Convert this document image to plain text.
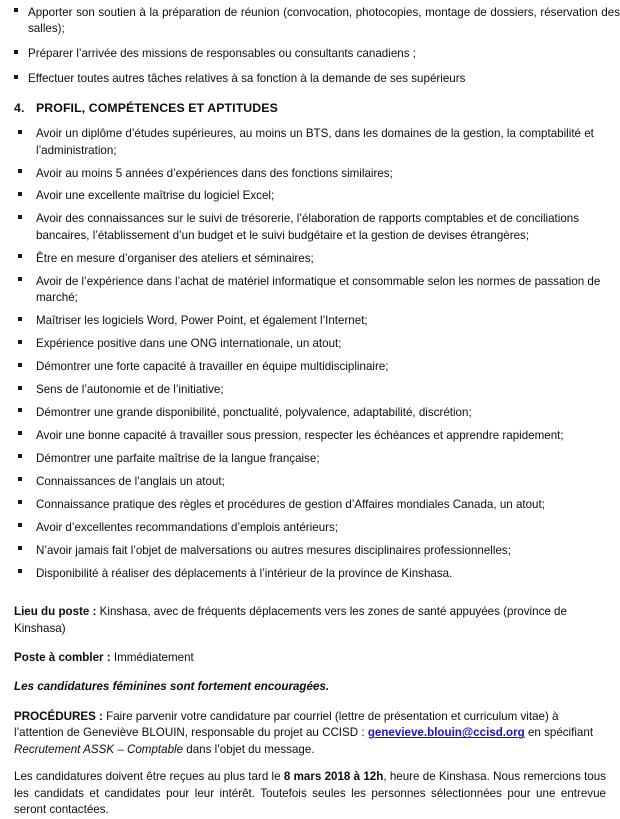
Apporter son soutien à la préparation de réunion (convocation, photocopies, montage de dossiers, réservation des salles);
Préparer l’arrivée des missions de responsables ou consultants canadiens ;
Effectuer toutes autres tâches relatives à sa fonction à la demande de ses supérieurs
4. PROFIL, COMPÉTENCES ET APTITUDES
Avoir un diplôme d’études supérieures, au moins un BTS, dans les domaines de la gestion, la comptabilité et l’administration;
Avoir au moins 5 années d’expériences dans des fonctions similaires;
Avoir une excellente maîtrise du logiciel Excel;
Avoir des connaissances sur le suivi de trésorerie, l’élaboration de rapports comptables et de conciliations bancaires, l’établissement d’un budget et le suivi budgétaire et la gestion de devises étrangères;
Être en mesure d’organiser des ateliers et séminaires;
Avoir de l’expérience dans l’achat de matériel informatique et consommable selon les normes de passation de marché;
Maîtriser les logiciels Word, Power Point, et également l’Internet;
Expérience positive dans une ONG internationale, un atout;
Démontrer une forte capacité à travailler en équipe multidisciplinaire;
Sens de l’autonomie et de l’initiative;
Démontrer une grande disponibilité, ponctualité, polyvalence, adaptabilité, discrétion;
Avoir une bonne capacité à travailler sous pression, respecter les échéances et apprendre rapidement;
Démontrer une parfaite maîtrise de la langue française;
Connaissances de l’anglais un atout;
Connaissance pratique des règles et procédures de gestion d’Affaires mondiales Canada, un atout;
Avoir d’excellentes recommandations d’emplois antérieurs;
N’avoir jamais fait l’objet de malversations ou autres mesures disciplinaires professionnelles;
Disponibilité à réaliser des déplacements à l’intérieur de la province de Kinshasa.

Lieu du poste : Kinshasa, avec de fréquents déplacements vers les zones de santé appuyées (province de Kinshasa)

Poste à combler : Immédiatement

Les candidatures féminines sont fortement encouragées.

PROCÉDURES : Faire parvenir votre candidature par courriel (lettre de présentation et curriculum vitae) à l’attention de Geneviève BLOUIN, responsable du projet au CCISD : genevieve.blouin@ccisd.org en spécifiant Recrutement ASSK – Comptable dans l’objet du message.

Les candidatures doivent être reçues au plus tard le 8 mars 2018 à 12h, heure de Kinshasa. Nous remercions tous les candidats et candidates pour leur intérêt. Toutefois seules les personnes sélectionnées pour une entrevue seront contactées.
